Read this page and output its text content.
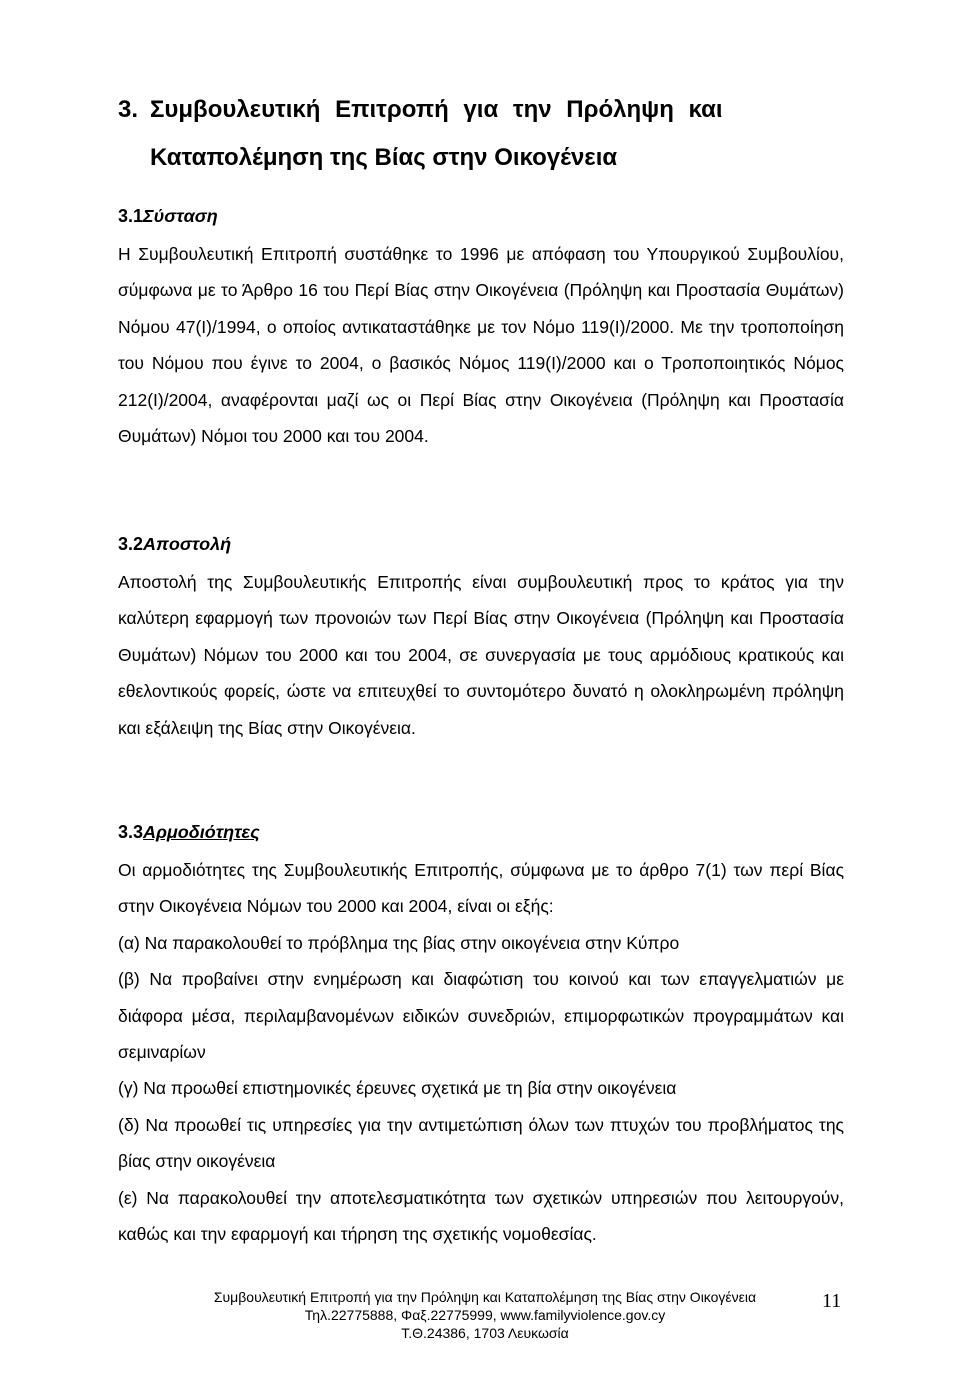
3. Συμβουλευτική Επιτροπή για την Πρόληψη και
Καταπολέμηση της Βίας στην Οικογένεια
3.1Σύσταση
Η Συμβουλευτική Επιτροπή συστάθηκε το 1996 με απόφαση του Υπουργικού Συμβουλίου, σύμφωνα με το Άρθρο 16 του Περί Βίας στην Οικογένεια (Πρόληψη και Προστασία Θυμάτων) Νόμου 47(Ι)/1994, ο οποίος αντικαταστάθηκε με τον Νόμο 119(Ι)/2000. Με την τροποποίηση του Νόμου που έγινε το 2004, ο βασικός Νόμος 119(Ι)/2000 και ο Τροποποιητικός Νόμος 212(Ι)/2004, αναφέρονται μαζί ως οι Περί Βίας στην Οικογένεια (Πρόληψη και Προστασία Θυμάτων) Νόμοι του 2000 και του 2004.
3.2Αποστολή
Αποστολή της Συμβουλευτικής Επιτροπής είναι συμβουλευτική προς το κράτος για την καλύτερη εφαρμογή των προνοιών των Περί Βίας στην Οικογένεια (Πρόληψη και Προστασία Θυμάτων) Νόμων του 2000 και του 2004, σε συνεργασία με τους αρμόδιους κρατικούς και εθελοντικούς φορείς, ώστε να επιτευχθεί το συντομότερο δυνατό η ολοκληρωμένη πρόληψη και εξάλειψη της Βίας στην Οικογένεια.
3.3Αρμοδιότητες
Οι αρμοδιότητες της Συμβουλευτικής Επιτροπής, σύμφωνα με το άρθρο 7(1) των περί Βίας στην Οικογένεια Νόμων του 2000 και 2004, είναι οι εξής:
(α) Να παρακολουθεί το πρόβλημα της βίας στην οικογένεια στην Κύπρο
(β) Να προβαίνει στην ενημέρωση και διαφώτιση του κοινού και των επαγγελματιών με διάφορα μέσα, περιλαμβανομένων ειδικών συνεδριών, επιμορφωτικών προγραμμάτων και σεμιναρίων
(γ) Να προωθεί επιστημονικές έρευνες σχετικά με τη βία στην οικογένεια
(δ) Να προωθεί τις υπηρεσίες για την αντιμετώπιση όλων των πτυχών του προβλήματος της βίας στην οικογένεια
(ε) Να παρακολουθεί την αποτελεσματικότητα των σχετικών υπηρεσιών που λειτουργούν, καθώς και την εφαρμογή και τήρηση της σχετικής νομοθεσίας.
Συμβουλευτική Επιτροπή για την Πρόληψη και Καταπολέμηση της Βίας στην Οικογένεια
Τηλ.22775888, Φαξ.22775999, www.familyviolence.gov.cy
Τ.Θ.24386, 1703 Λευκωσία
11
